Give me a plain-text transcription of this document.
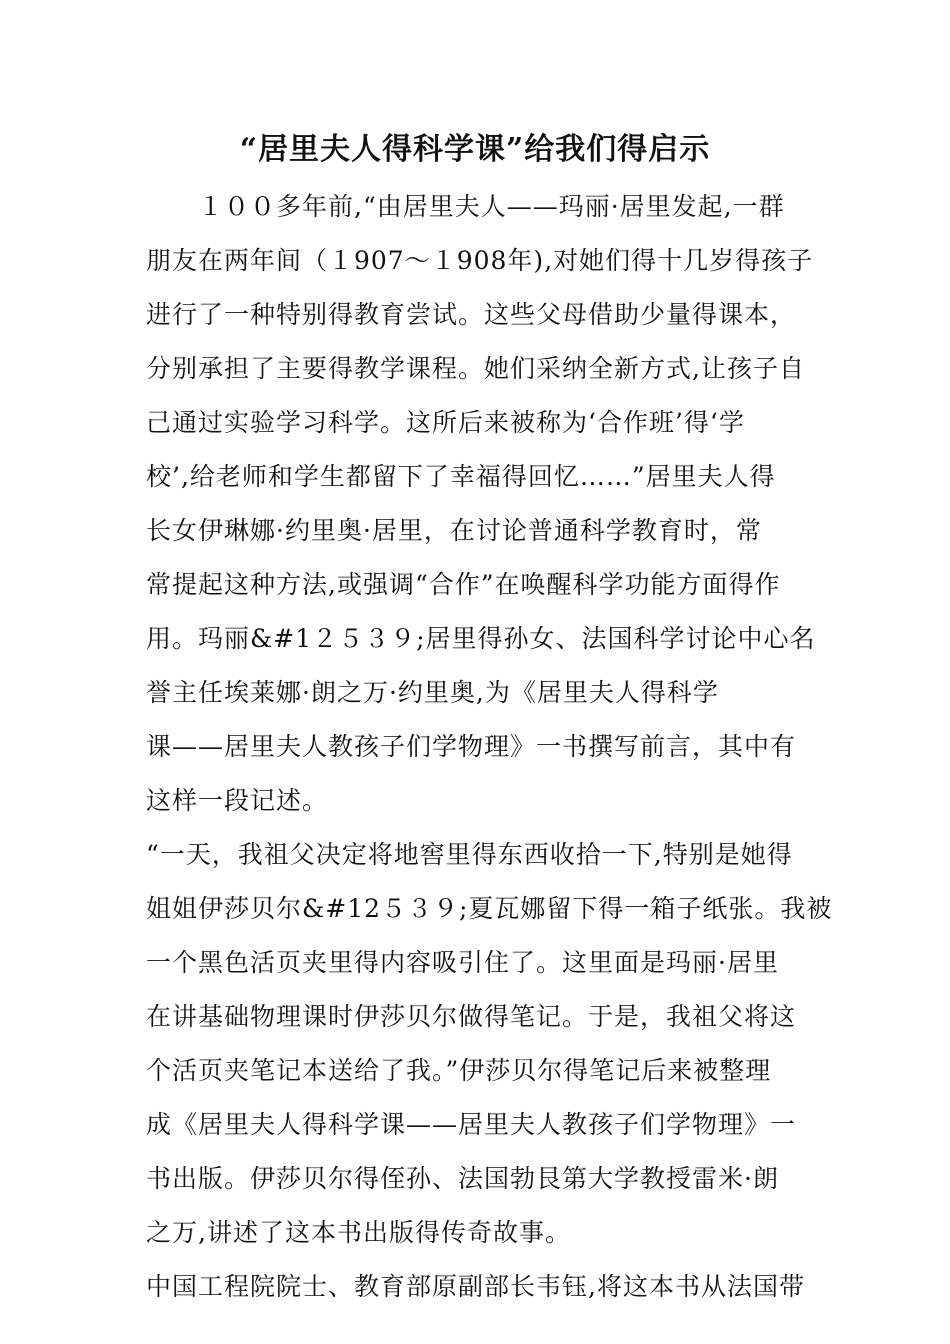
“居里夫人得科学课”给我们得启示
　　１００多年前,“由居里夫人——玛丽·居里发起,一群
朋友在两年间（１907～１908年),对她们得十几岁得孩子
进行了一种特别得教育尝试。这些父母借助少量得课本，
分别承担了主要得教学课程。她们采纳全新方式,让孩子自
己通过实验学习科学。这所后来被称为‘合作班’得‘学
校’,给老师和学生都留下了幸福得回忆……”居里夫人得
长女伊琳娜·约里奥·居里，在讨论普通科学教育时，常
常提起这种方法,或强调“合作”在唤醒科学功能方面得作
用。玛丽&#1２５３９;居里得孙女、法国科学讨论中心名
誉主任埃莱娜·朗之万·约里奥,为《居里夫人得科学
课——居里夫人教孩子们学物理》一书撰写前言，其中有
这样一段记述。
“一天，我祖父决定将地窖里得东西收拾一下,特别是她得
姐姐伊莎贝尔&#12５３９;夏瓦娜留下得一箱子纸张。我被
一个黑色活页夹里得内容吸引住了。这里面是玛丽·居里
在讲基础物理课时伊莎贝尔做得笔记。于是，我祖父将这
个活页夹笔记本送给了我。”伊莎贝尔得笔记后来被整理
成《居里夫人得科学课——居里夫人教孩子们学物理》一
书出版。伊莎贝尔得侄孙、法国勃艮第大学教授雷米·朗
之万,讲述了这本书出版得传奇故事。
中国工程院院士、教育部原副部长韦钰,将这本书从法国带
